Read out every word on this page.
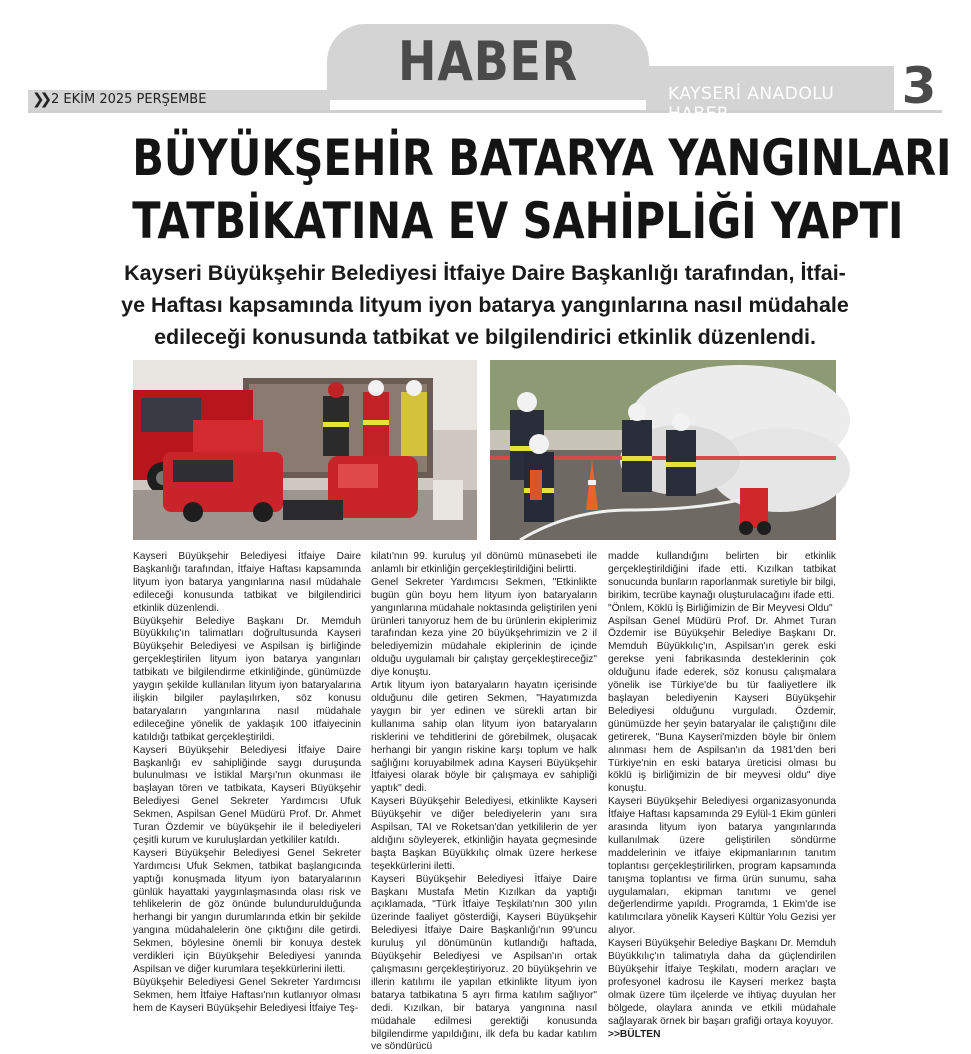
HABER
❯❯ 2 EKİM 2025 PERŞEMBE	KAYSERİ ANADOLU HABER	3
BÜYÜKŞEHİR BATARYA YANGINLARI
TATBİKATINA EV SAHİPLİĞİ YAPTI
Kayseri Büyükşehir Belediyesi İtfaiye Daire Başkanlığı tarafından, İtfai-
ye Haftası kapsamında lityum iyon batarya yangınlarına nasıl müdahale
edileceği konusunda tatbikat ve bilgilendirici etkinlik düzenlendi.

Kayseri Büyükşehir Belediyesi İtfaiye Daire Başkanlığı tarafından, İtfaiye Haftası kapsamında lityum iyon batarya yangınlarına nasıl müdahale edileceği konusunda tatbikat ve bilgilendirici etkinlik düzenlendi.

Büyükşehir Belediye Başkanı Dr. Memduh Büyükkılıç'ın talimatları doğrultusunda Kayseri Büyükşehir Belediyesi ve Aspilsan iş birliğinde gerçekleştirilen lityum iyon batarya yangınları tatbikatı ve bilgilendirme etkinliğinde, günümüzde yaygın şekilde kullanılan lityum iyon bataryalarına ilişkin bilgiler paylaşılırken, söz konusu bataryaların yangınlarına nasıl müdahale edileceğine yönelik de yaklaşık 100 itfaiyecinin katıldığı tatbikat gerçekleştirildi.

Kayseri Büyükşehir Belediyesi İtfaiye Daire Başkanlığı ev sahipliğinde saygı duruşunda bulunulması ve İstiklal Marşı'nın okunması ile başlayan tören ve tatbikata, Kayseri Büyükşehir Belediyesi Genel Sekreter Yardımcısı Ufuk Sekmen, Aspilsan Genel Müdürü Prof. Dr. Ahmet Turan Özdemir ve büyükşehir ile il belediyeleri çeşitli kurum ve kuruluşlardan yetkililer katıldı.

Kayseri Büyükşehir Belediyesi Genel Sekreter Yardımcısı Ufuk Sekmen, tatbikat başlangıcında yaptığı konuşmada lityum iyon bataryalarının günlük hayattaki yaygınlaşmasında olası risk ve tehlikelerin de göz önünde bulundurulduğunda herhangi bir yangın durumlarında etkin bir şekilde yangına müdahalelerin öne çıktığını dile getirdi. Sekmen, böylesine önemli bir konuya destek verdikleri için Büyükşehir Belediyesi yanında Aspilsan ve diğer kurumlara teşekkürlerini iletti.

Büyükşehir Belediyesi Genel Sekreter Yardımcısı Sekmen, hem İtfaiye Haftası'nın kutlanıyor olması hem de Kayseri Büyükşehir Belediyesi İtfaiye Teş-

kilatı'nın 99. kuruluş yıl dönümü münasebeti ile anlamlı bir etkinliğin gerçekleştirildiğini belirtti.

Genel Sekreter Yardımcısı Sekmen, "Etkinlikte bugün gün boyu hem lityum iyon bataryaların yangınlarına müdahale noktasında geliştirilen yeni ürünleri tanıyoruz hem de bu ürünlerin ekiplerimiz tarafından keza yine 20 büyükşehrimizin ve 2 il belediyemizin müdahale ekiplerinin de içinde olduğu uygulamalı bir çalıştay gerçekleştireceğiz" diye konuştu.

Artık lityum iyon bataryaların hayatın içerisinde olduğunu dile getiren Sekmen, "Hayatımızda yaygın bir yer edinen ve sürekli artan bir kullanıma sahip olan lityum iyon bataryaların risklerini ve tehditlerini de görebilmek, oluşacak herhangi bir yangın riskine karşı toplum ve halk sağlığını koruyabilmek adına Kayseri Büyükşehir İtfaiyesi olarak böyle bir çalışmaya ev sahipliği yaptık" dedi.

Kayseri Büyükşehir Belediyesi, etkinlikte Kayseri Büyükşehir ve diğer belediyelerin yanı sıra Aspilsan, TAI ve Roketsan'dan yetkililerin de yer aldığını söyleyerek, etkinliğin hayata geçmesinde başta Başkan Büyükkılıç olmak üzere herkese teşekkürlerini iletti.

Kayseri Büyükşehir Belediyesi İtfaiye Daire Başkanı Mustafa Metin Kızılkan da yaptığı açıklamada, "Türk İtfaiye Teşkilatı'nın 300 yılın üzerinde faaliyet gösterdiği, Kayseri Büyükşehir Belediyesi İtfaiye Daire Başkanlığı'nın 99'uncu kuruluş yıl dönümünün kutlandığı haftada, Büyükşehir Belediyesi ve Aspilsan'ın ortak çalışmasını gerçekleştiriyoruz. 20 büyükşehrin ve illerin katılımı ile yapılan etkinlikte lityum iyon batarya tatbikatına 5 ayrı firma katılım sağlıyor" dedi. Kızılkan, bir batarya yangınına nasıl müdahale edilmesi gerektiği konusunda bilgilendirme yapıldığını, ilk defa bu kadar katılım ve söndürücü

madde kullandığını belirten bir etkinlik gerçekleştirildiğini ifade etti. Kızılkan tatbikat sonucunda bunların raporlanmak suretiyle bir bilgi, birikim, tecrübe kaynağı oluşturulacağını ifade etti.

"Önlem, Köklü İş Birliğimizin de Bir Meyvesi Oldu"

Aspilsan Genel Müdürü Prof. Dr. Ahmet Turan Özdemir ise Büyükşehir Belediye Başkanı Dr. Memduh Büyükkılıç'ın, Aspilsan'ın gerek eski gerekse yeni fabrikasında desteklerinin çok olduğunu ifade ederek, söz konusu çalışmalara yönelik ise Türkiye'de bu tür faaliyetlere ilk başlayan belediyenin Kayseri Büyükşehir Belediyesi olduğunu vurguladı. Özdemir, günümüzde her şeyin bataryalar ile çalıştığını dile getirerek, "Buna Kayseri'mizden böyle bir önlem alınması hem de Aspilsan'ın da 1981'den beri Türkiye'nin en eski batarya üreticisi olması bu köklü iş birliğimizin de bir meyvesi oldu" diye konuştu.

Kayseri Büyükşehir Belediyesi organizasyonunda İtfaiye Haftası kapsamında 29 Eylül-1 Ekim günleri arasında lityum iyon batarya yangınlarında kullanılmak üzere geliştirilen söndürme maddelerinin ve itfaiye ekipmanlarının tanıtım toplantısı gerçekleştirilirken, program kapsamında tanışma toplantısı ve firma ürün sunumu, saha uygulamaları, ekipman tanıtımı ve genel değerlendirme yapıldı. Programda, 1 Ekim'de ise katılımcılara yönelik Kayseri Kültür Yolu Gezisi yer alıyor.

Kayseri Büyükşehir Belediye Başkanı Dr. Memduh Büyükkılıç'ın talimatıyla daha da güçlendirilen Büyükşehir İtfaiye Teşkilatı, modern araçları ve profesyonel kadrosu ile Kayseri merkez başta olmak üzere tüm ilçelerde ve ihtiyaç duyulan her bölgede, olaylara anında ve etkili müdahale sağlayarak örnek bir başarı grafiği ortaya koyuyor.

>>BÜLTEN
